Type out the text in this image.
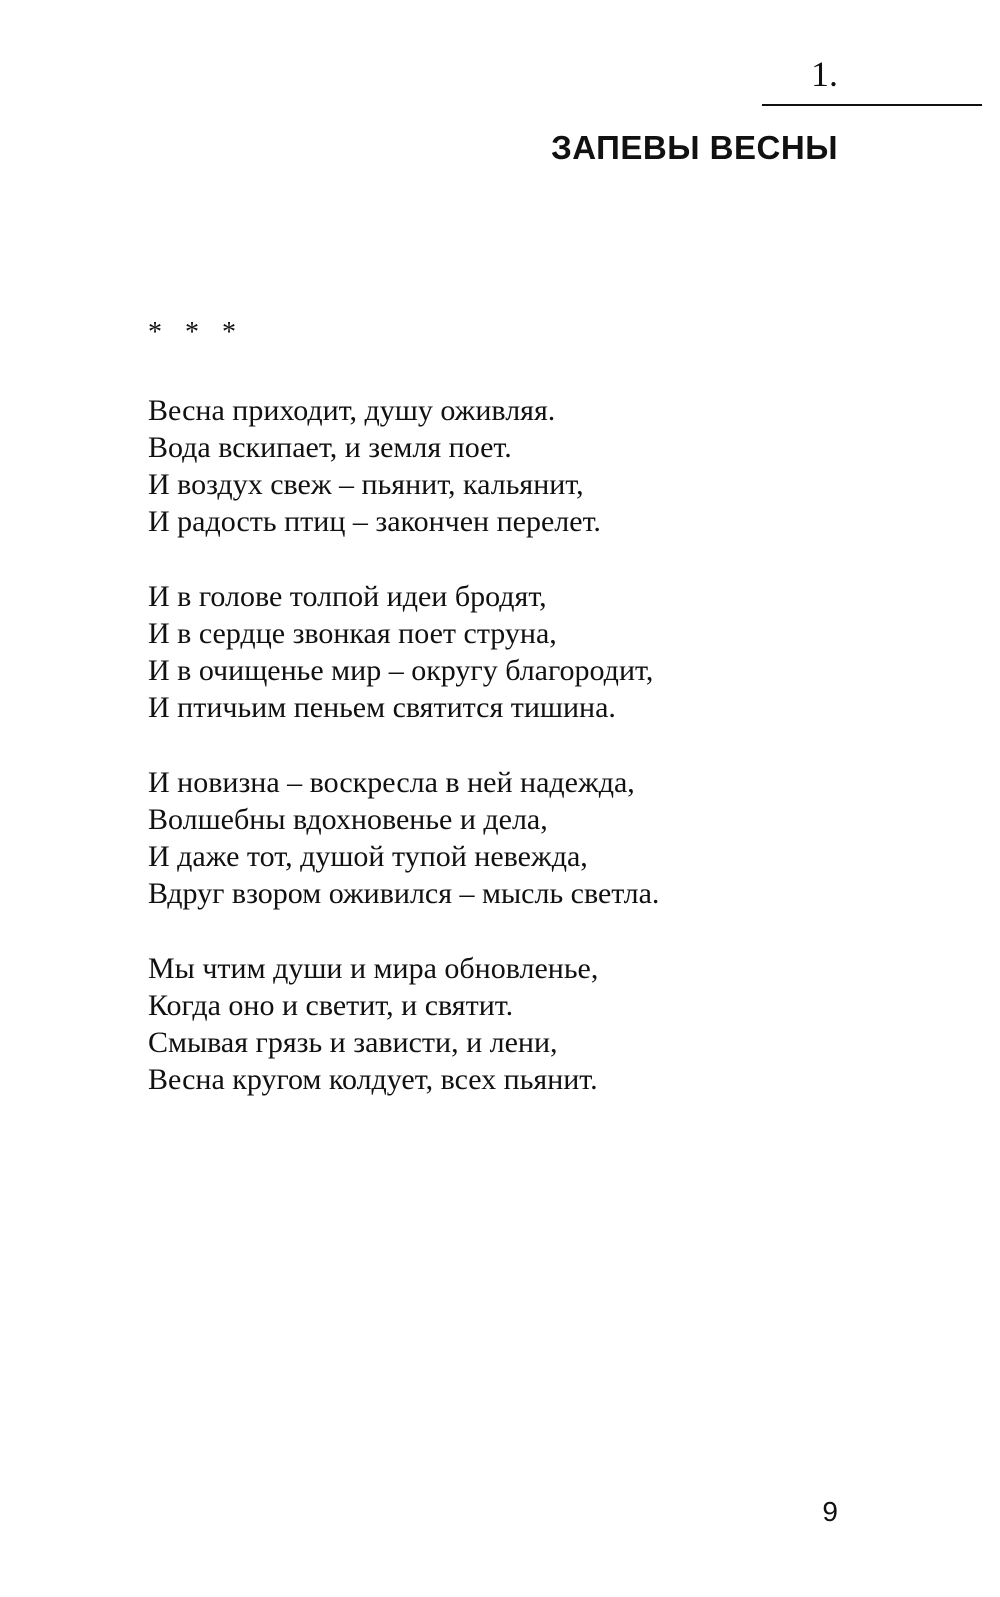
1.
ЗАПЕВЫ ВЕСНЫ
* * *
Весна приходит, душу оживляя.
Вода вскипает, и земля поет.
И воздух свеж – пьянит, кальянит,
И радость птиц – закончен перелет.
И в голове толпой идеи бродят,
И в сердце звонкая поет струна,
И в очищенье мир – округу благородит,
И птичьим пеньем святится тишина.
И новизна – воскресла в ней надежда,
Волшебны вдохновенье и дела,
И даже тот, душой тупой невежда,
Вдруг взором оживился – мысль светла.
Мы чтим души и мира обновленье,
Когда оно и светит, и святит.
Смывая грязь и зависти, и лени,
Весна кругом колдует, всех пьянит.
9
